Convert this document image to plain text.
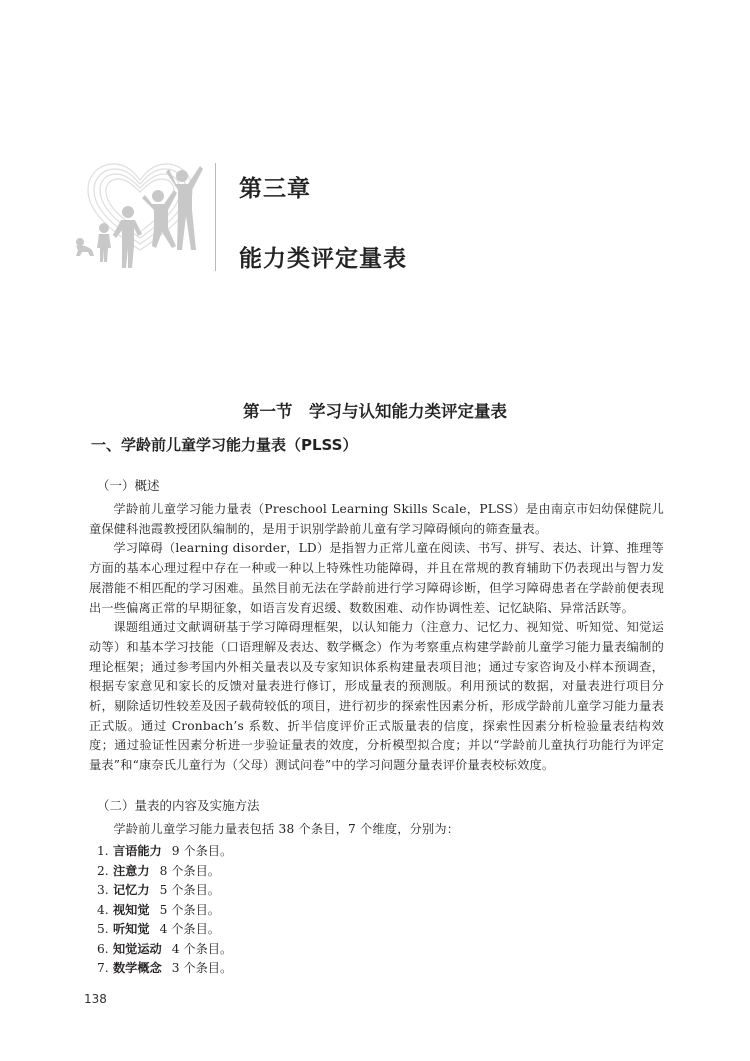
第三章
能力类评定量表
第一节　学习与认知能力类评定量表
一、学龄前儿童学习能力量表（PLSS）
（一）概述

学龄前儿童学习能力量表（Preschool Learning Skills Scale，PLSS）是由南京市妇幼保健院儿童保健科池霞教授团队编制的，是用于识别学龄前儿童有学习障碍倾向的筛查量表。

学习障碍（learning disorder，LD）是指智力正常儿童在阅读、书写、拼写、表达、计算、推理等方面的基本心理过程中存在一种或一种以上特殊性功能障碍，并且在常规的教育辅助下仍表现出与智力发展潜能不相匹配的学习困难。虽然目前无法在学龄前进行学习障碍诊断，但学习障碍患者在学龄前便表现出一些偏离正常的早期征象，如语言发育迟缓、数数困难、动作协调性差、记忆缺陷、异常活跃等。

课题组通过文献调研基于学习障碍理框架，以认知能力（注意力、记忆力、视知觉、听知觉、知觉运动等）和基本学习技能（口语理解及表达、数学概念）作为考察重点构建学龄前儿童学习能力量表编制的理论框架；通过参考国内外相关量表以及专家知识体系构建量表项目池；通过专家咨询及小样本预调查，根据专家意见和家长的反馈对量表进行修订，形成量表的预测版。利用预试的数据，对量表进行项目分析，剔除适切性较差及因子载荷较低的项目，进行初步的探索性因素分析，形成学龄前儿童学习能力量表正式版。通过 Cronbach’s 系数、折半信度评价正式版量表的信度，探索性因素分析检验量表结构效度；通过验证性因素分析进一步验证量表的效度，分析模型拟合度；并以“学龄前儿童执行功能行为评定量表”和“康奈氏儿童行为（父母）测试问卷”中的学习问题分量表评价量表校标效度。

（二）量表的内容及实施方法

学龄前儿童学习能力量表包括 38 个条目，7 个维度，分别为：

1. 言语能力 9 个条目。
2. 注意力 8 个条目。
3. 记忆力 5 个条目。
4. 视知觉 5 个条目。
5. 听知觉 4 个条目。
6. 知觉运动 4 个条目。
7. 数学概念 3 个条目。
138
